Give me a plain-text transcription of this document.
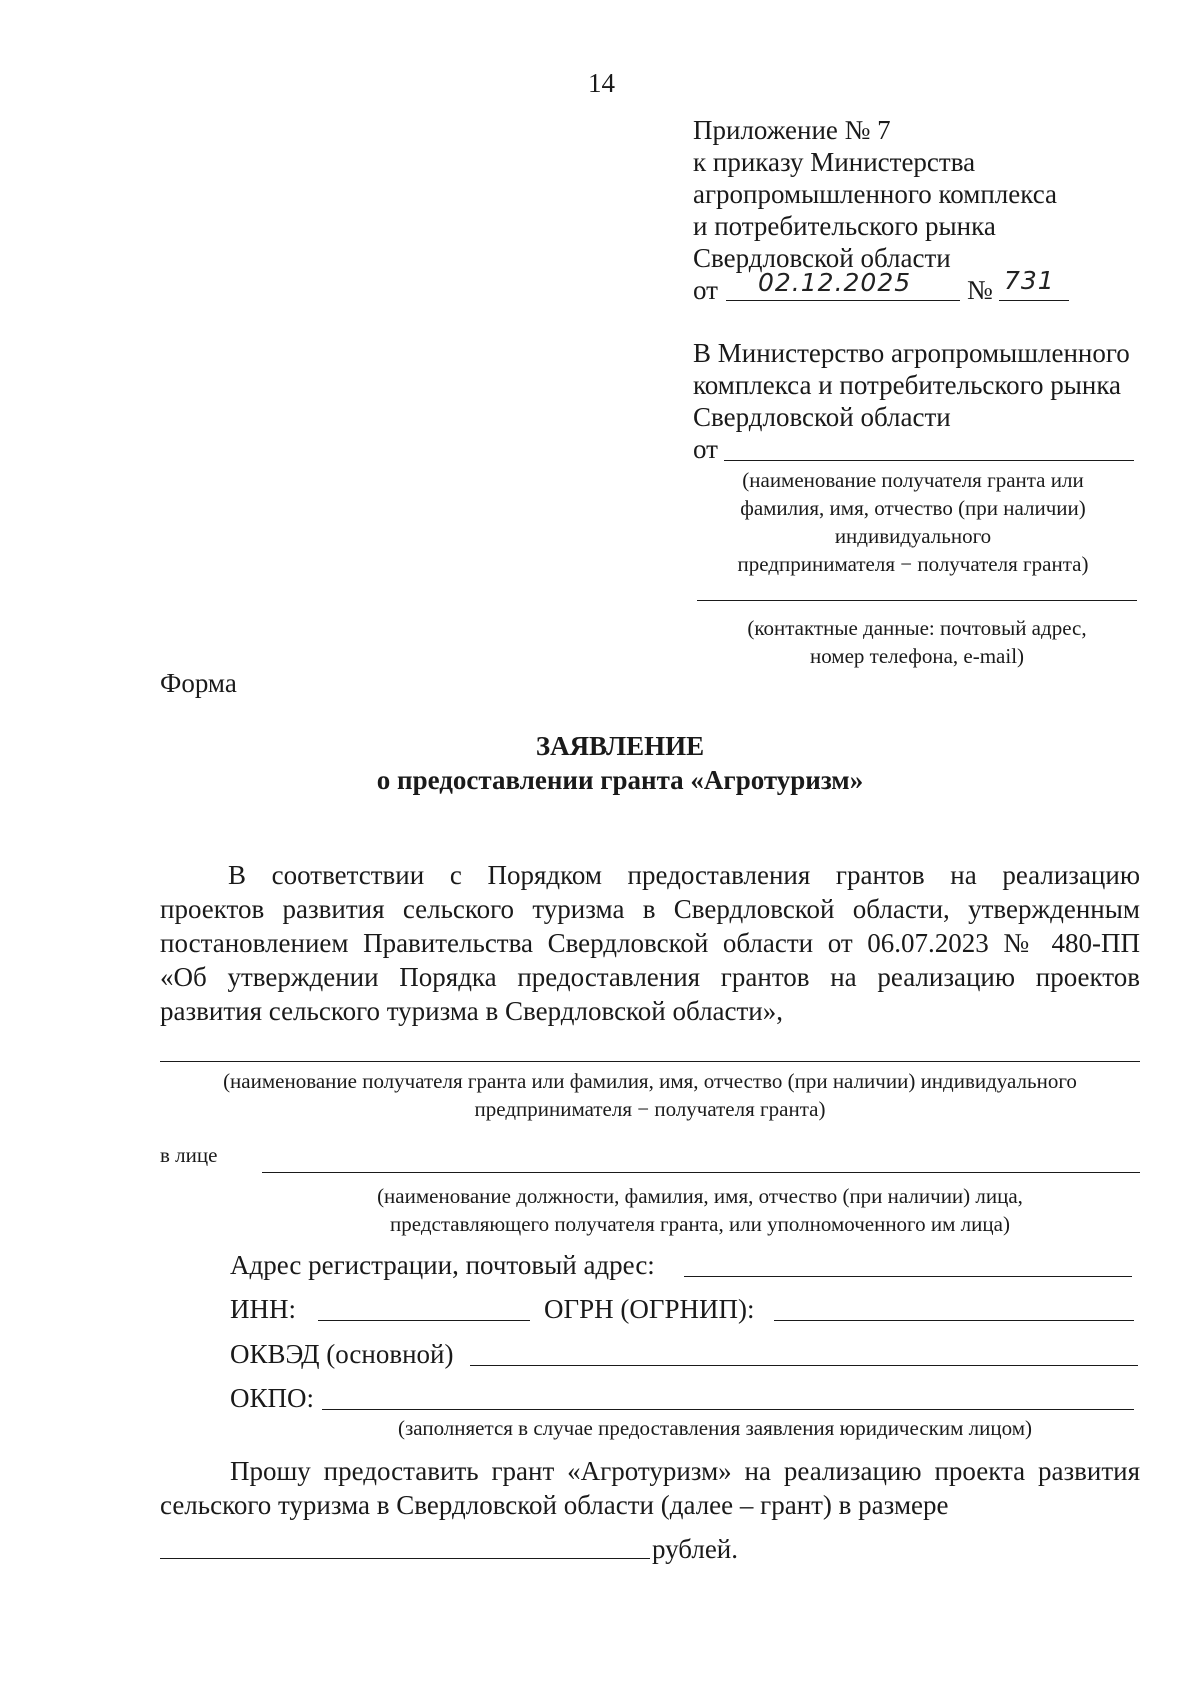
14
Приложение № 7
к приказу Министерства
агропромышленного комплекса
и потребительского рынка
Свердловской области
от 02.12.2025 № 731
В Министерство агропромышленного
комплекса и потребительского рынка
Свердловской области
от
(наименование получателя гранта или
фамилия, имя, отчество (при наличии)
индивидуального
предпринимателя − получателя гранта)
(контактные данные: почтовый адрес,
номер телефона, e-mail)
Форма
ЗАЯВЛЕНИЕ
о предоставлении гранта «Агротуризм»
В соответствии с Порядком предоставления грантов на реализацию
проектов развития сельского туризма в Свердловской области, утвержденным
постановлением Правительства Свердловской области от 06.07.2023 № 480-ПП
«Об утверждении Порядка предоставления грантов на реализацию проектов
развития сельского туризма в Свердловской области»,
(наименование получателя гранта или фамилия, имя, отчество (при наличии) индивидуального
предпринимателя − получателя гранта)
в лице
(наименование должности, фамилия, имя, отчество (при наличии) лица,
представляющего получателя гранта, или уполномоченного им лица)
Адрес регистрации, почтовый адрес:
ИНН:	ОГРН (ОГРНИП):
ОКВЭД (основной)
ОКПО:
(заполняется в случае предоставления заявления юридическим лицом)
Прошу предоставить грант «Агротуризм» на реализацию проекта развития
сельского туризма в Свердловской области (далее – грант) в размере
рублей.
